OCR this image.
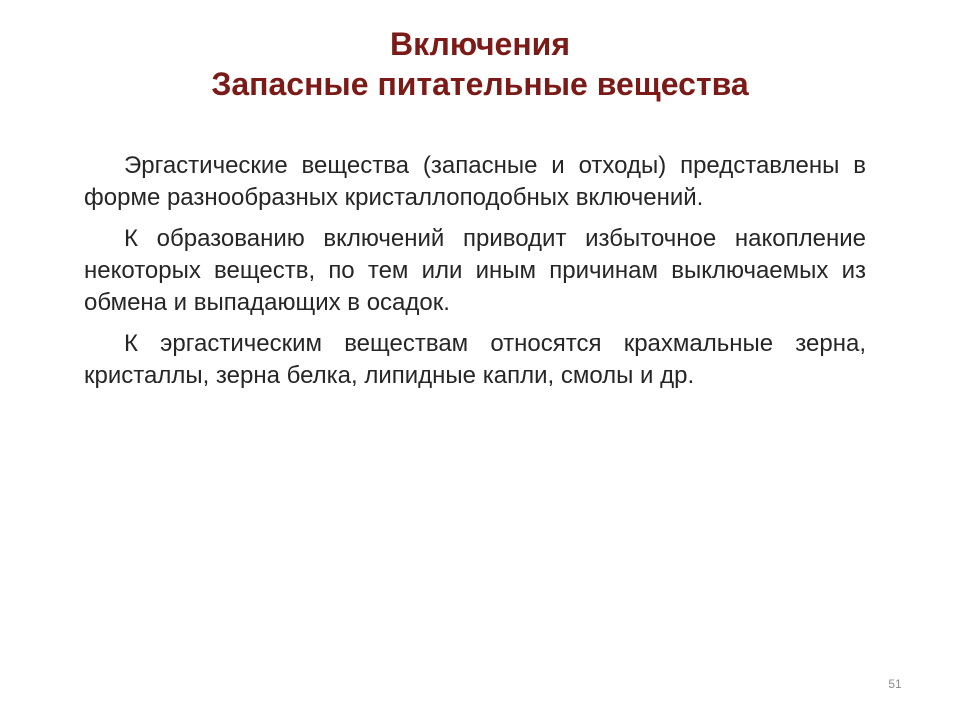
Включения
Запасные питательные вещества

Эргастические вещества (запасные и отходы) представлены в форме разнообразных кристаллоподобных включений.

К образованию включений приводит избыточное накопление некоторых веществ, по тем или иным причинам выключаемых из обмена и выпадающих в осадок.

К эргастическим веществам относятся крахмальные зерна, кристаллы, зерна белка, липидные капли, смолы и др.

51
